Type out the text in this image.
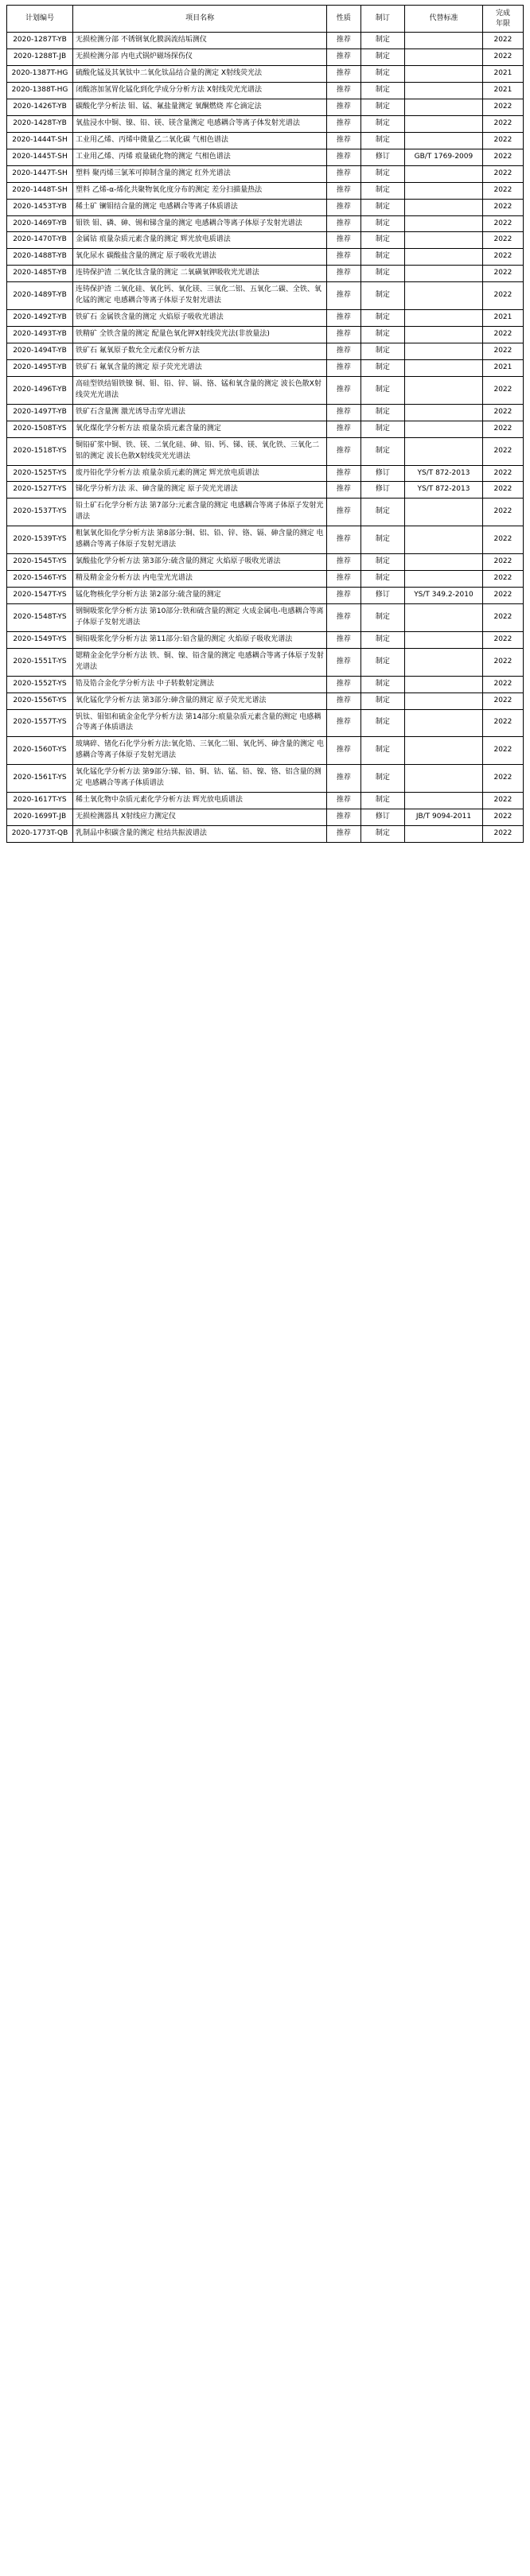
计划编号	项目名称	性质	制订	代替标准	完成
年限

2020-1287T-YB	无损检测分部 不锈钢氧化膜涡流结垢测仪	推荐	制定		2022
2020-1288T-JB	无损检测分部 内电式锅炉磁场探伤仪	推荐	制定		2022
2020-1387T-HG	硫酸化锰及其氧钛中二氧化钛品结合量的测定 X射线荧光法	推荐	制定		2021
2020-1388T-HG	闭酸溶加氢胃化锰化到化学成分分析方法 X射线荧光光谱法	推荐	制定		2021
2020-1426T-YB	碳酸化学分析法 钼、锰、氟盐量测定 氧酮燃烧 库仑滴定法	推荐	制定		2022
2020-1428T-YB	氧盐浸水中铜、镍、铅、镁、镁含量测定 电感耦合等离子体发射光谱法	推荐	制定		2022
2020-1444T-SH	工业用乙烯、丙烯中微量乙二氧化碳 气相色谱法	推荐	制定		2022
2020-1445T-SH	工业用乙烯、丙烯 痕量硫化物的测定 气相色谱法	推荐	修订	GB/T 1769-2009	2022
2020-1447T-SH	塑料 聚丙烯三氯苯可抑制含量的测定 红外光谱法	推荐	制定		2022
2020-1448T-SH	塑料 乙烯-α-烯化共聚物氧化度分布的测定 差分扫描量热法	推荐	制定		2022
2020-1453T-YB	稀土矿 镧钼结合量的测定 电感耦合等离子体质谱法	推荐	制定		2022
2020-1469T-YB	钼铁 钼、磷、砷、锡和锑含量的测定 电感耦合等离子体原子发射光谱法	推荐	制定		2022
2020-1470T-YB	金属钴 痕量杂质元素含量的测定 辉光放电质谱法	推荐	制定		2022
2020-1488T-YB	氧化尿水 碳酸盐含量的测定 原子吸收光谱法	推荐	制定		2022
2020-1485T-YB	连铸保护渣 二氧化钛含量的测定 二氧磺氧钾吸收光光谱法	推荐	制定		2022
2020-1489T-YB	连铸保护渣 二氧化硅、氧化钙、氧化镁、三氧化二铝、五氧化二碳、全铁、氧化锰的测定 电感耦合等离子体原子发射光谱法	推荐	制定		2022
2020-1492T-YB	铁矿石 金属铁含量的测定 火焰原子吸收光谱法	推荐	制定		2021
2020-1493T-YB	铁精矿 全铁含量的测定 配量色氧化钾X射线荧光法(非放量法)	推荐	制定		2022
2020-1494T-YB	铁矿石 氟氧原子数允全元素仪分析方法	推荐	制定		2022
2020-1495T-YB	铁矿石 氟氧含量的测定 原子荧光光谱法	推荐	制定		2021
2020-1496T-YB	高硅型铁结钼铁镍 铜、钼、铅、锌、镉、铬、锰和氧含量的测定 波长色散X射线荧光光谱法	推荐	制定		2022
2020-1497T-YB	铁矿石含量测 激光诱导击穿光谱法	推荐	制定		2022
2020-1508T-YS	氧化煤化学分析方法 痕量杂质元素含量的测定	推荐	制定		2022
2020-1518T-YS	铜铅矿浆中铜、铁、镁、二氧化硅、砷、铅、钙、锑、镁、氧化铁、三氧化二铝的测定 波长色散X射线荧光光谱法	推荐	制定		2022
2020-1525T-YS	废丹铅化学分析方法 痕量杂质元素的测定 辉光放电质谱法	推荐	修订	YS/T 872-2013	2022
2020-1527T-YS	锑化学分析方法 汞、砷含量的测定 原子荧光光谱法	推荐	修订	YS/T 872-2013	2022
2020-1537T-YS	铅土矿石化学分析方法 第7部分:元素含量的测定 电感耦合等离子体原子发射光谱法	推荐	制定		2022
2020-1539T-YS	粗氯氧化铅化学分析方法 第8部分:铜、铝、铅、锌、铬、镉、砷含量的测定 电感耦合等离子体原子发射光谱法	推荐	制定		2022
2020-1545T-YS	氯酸盐化学分析方法 第3部分:硫含量的测定 火焰原子吸收光谱法	推荐	制定		2022
2020-1546T-YS	精及精金金分析方法 内电莹光光谱法	推荐	制定		2022
2020-1547T-YS	锰化物核化学分析方法 第2部分:硫含量的测定	推荐	修订	YS/T 349.2-2010	2022
2020-1548T-YS	钢铜吸浆化学分析方法 第10部分:铁和硫含量的测定 火成金属电-电感耦合等离子体原子发射光谱法	推荐	制定		2022
2020-1549T-YS	铜铅吸浆化学分析方法 第11部分:铅含量的测定 火焰原子吸收光谱法	推荐	制定		2022
2020-1551T-YS	锶精金金化学分析方法 铁、铜、镍、铅含量的测定 电感耦合等离子体原子发射光谱法	推荐	制定		2022
2020-1552T-YS	锆及锆合金化学分析方法 中子转数射定测法	推荐	制定		2022
2020-1556T-YS	氧化锰化学分析方法 第3部分:砷含量的测定 原子荧光光谱法	推荐	制定		2022
2020-1557T-YS	钒钛、钼铝和硫金金化学分析方法 第14部分:痕量杂质元素含量的测定 电感耦合等离子体质谱法	推荐	制定		2022
2020-1560T-YS	玻璃碎、锗化石化学分析方法:氧化锆、三氧化二钼、氧化钙、砷含量的测定 电感耦合等离子体原子发射光谱法	推荐	制定		2022
2020-1561T-YS	氧化锰化学分析方法 第9部分:锑、铅、铜、钴、锰、铅、镍、铬、铝含量的测定 电感耦合等离子体质谱法	推荐	制定		2022
2020-1617T-YS	稀土氧化物中杂质元素化学分析方法 辉光放电质谱法	推荐	制定		2022
2020-1699T-JB	无损检测器具 X射线应力测定仪	推荐	修订	JB/T 9094-2011	2022
2020-1773T-QB	乳制品中积碳含量的测定 柱结共振波谱法	推荐	制定		2022
